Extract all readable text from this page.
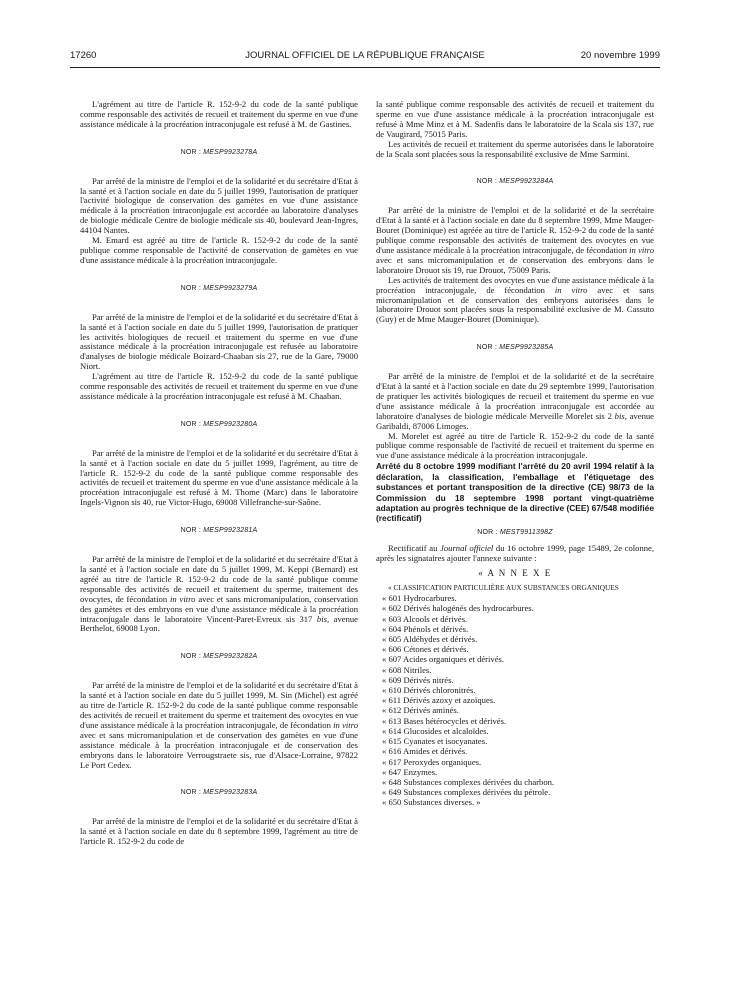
17260	JOURNAL OFFICIEL DE LA RÉPUBLIQUE FRANÇAISE	20 novembre 1999

L'agrément au titre de l'article R. 152-9-2 du code de la santé publique comme responsable des activités de recueil et traitement du sperme en vue d'une assistance médicale à la procréation intraconjugale est refusé à M. de Gastines.

NOR : MESP9923278A

Par arrêté de la ministre de l'emploi et de la solidarité et du secrétaire d'Etat à la santé et à l'action sociale en date du 5 juillet 1999, l'autorisation de pratiquer l'activité biologique de conservation des gamètes en vue d'une assistance médicale à la procréation intraconjugale est accordée au laboratoire d'analyses de biologie médicale Centre de biologie médicale sis 40, boulevard Jean-Ingres, 44104 Nantes.

M. Emard est agréé au titre de l'article R. 152-9-2 du code de la santé publique comme responsable de l'activité de conservation de gamètes en vue d'une assistance médicale à la procréation intraconjugale.

NOR : MESP9923279A

Par arrêté de la ministre de l'emploi et de la solidarité et du secrétaire d'Etat à la santé et à l'action sociale en date du 5 juillet 1999, l'autorisation de pratiquer les activités biologiques de recueil et traitement du sperme en vue d'une assistance médicale à la procréation intraconjugale est refusée au laboratoire d'analyses de biologie médicale Boizard-Chaaban sis 27, rue de la Gare, 79000 Niort.

L'agrément au titre de l'article R. 152-9-2 du code de la santé publique comme responsable des activités de recueil et traitement du sperme en vue d'une assistance médicale à la procréation intraconjugale est refusé à M. Chaaban.

NOR : MESP9923280A

Par arrêté de la ministre de l'emploi et de la solidarité et du secrétaire d'Etat à la santé et à l'action sociale en date du 5 juillet 1999, l'agrément, au titre de l'article R. 152-9-2 du code de la santé publique comme responsable des activités de recueil et traitement du sperme en vue d'une assistance médicale à la procréation intraconjugale est refusé à M. Thome (Marc) dans le laboratoire Ingels-Vignon sis 40, rue Victor-Hugo, 69008 Villefranche-sur-Saône.

NOR : MESP9923281A

Par arrêté de la ministre de l'emploi et de la solidarité et du secrétaire d'Etat à la santé et à l'action sociale en date du 5 juillet 1999, M. Keppi (Bernard) est agréé au titre de l'article R. 152-9-2 du code de la santé publique comme responsable des activités de recueil et traitement du sperme, traitement des ovocytes, de fécondation in vitro avec et sans micromanipulation, conservation des gamètes et des embryons en vue d'une assistance médicale à la procréation intraconjugale dans le laboratoire Vincent-Paret-Evreux sis 317 bis, avenue Berthelot, 69008 Lyon.

NOR : MESP9923282A

Par arrêté de la ministre de l'emploi et de la solidarité et du secrétaire d'Etat à la santé et à l'action sociale en date du 5 juillet 1999, M. Sin (Michel) est agréé au titre de l'article R. 152-9-2 du code de la santé publique comme responsable des activités de recueil et traitement du sperme et traitement des ovocytes en vue d'une assistance médicale à la procréation intraconjugale, de fécondation in vitro avec et sans micromanipulation et de conservation des gamètes en vue d'une assistance médicale à la procréation intraconjugale et de conservation des embryons dans le laboratoire Verrougstraete sis, rue d'Alsace-Lorraine, 97822 Le Port Cedex.

NOR : MESP9923283A

Par arrêté de la ministre de l'emploi et de la solidarité et du secrétaire d'Etat à la santé et à l'action sociale en date du 8 septembre 1999, l'agrément au titre de l'article R. 152-9-2 du code de

la santé publique comme responsable des activités de recueil et traitement du sperme en vue d'une assistance médicale à la procréation intraconjugale est refusé à Mme Minz et à M. Sadenfis dans le laboratoire de la Scala sis 137, rue de Vaugirard, 75015 Paris.

Les activités de recueil et traitement du sperme autorisées dans le laboratoire de la Scala sont placées sous la responsabilité exclusive de Mme Sarmini.

NOR : MESP9923284A

Par arrêté de la ministre de l'emploi et de la solidarité et de la secrétaire d'Etat à la santé et à l'action sociale en date du 8 septembre 1999, Mme Mauger-Bouret (Dominique) est agréée au titre de l'article R. 152-9-2 du code de la santé publique comme responsable des activités de traitement des ovocytes en vue d'une assistance médicale à la procréation intraconjugale, de fécondation in vitro avec et sans micromanipulation et de conservation des embryons dans le laboratoire Drouot sis 19, rue Drouot, 75009 Paris.

Les activités de traitement des ovocytes en vue d'une assistance médicale à la procréation intraconjugale, de fécondation in vitro avec et sans micromanipulation et de conservation des embryons autorisées dans le laboratoire Drouot sont placées sous la responsabilité exclusive de M. Cassuto (Guy) et de Mme Mauger-Bouret (Dominique).

NOR : MESP9923285A

Par arrêté de la ministre de l'emploi et de la solidarité et de la secrétaire d'Etat à la santé et à l'action sociale en date du 29 septembre 1999, l'autorisation de pratiquer les activités biologiques de recueil et traitement du sperme en vue d'une assistance médicale à la procréation intraconjugale est accordée au laboratoire d'analyses de biologie médicale Merveille Morelet sis 2 bis, avenue Garibaldi, 87006 Limoges.

M. Morelet est agréé au titre de l'article R. 152-9-2 du code de la santé publique comme responsable de l'activité de recueil et traitement du sperme en vue d'une assistance médicale à la procréation intraconjugale.

Arrêté du 8 octobre 1999 modifiant l'arrêté du 20 avril 1994 relatif à la déclaration, la classification, l'emballage et l'étiquetage des substances et portant transposition de la directive (CE) 98/73 de la Commission du 18 septembre 1998 portant vingt-quatrième adaptation au progrès technique de la directive (CEE) 67/548 modifiée (rectificatif)

NOR : MEST9911398Z

Rectificatif au Journal officiel du 16 octobre 1999, page 15489, 2e colonne, après les signataires ajouter l'annexe suivante :

« A N N E X E

« CLASSIFICATION PARTICULIÈRE AUX SUBSTANCES ORGANIQUES

« 601 Hydrocarbures.
« 602 Dérivés halogénés des hydrocarbures.
« 603 Alcools et dérivés.
« 604 Phénols et dérivés.
« 605 Aldéhydes et dérivés.
« 606 Cétones et dérivés.
« 607 Acides organiques et dérivés.
« 608 Nitriles.
« 609 Dérivés nitrés.
« 610 Dérivés chloronitrés.
« 611 Dérivés azoxy et azoïques.
« 612 Dérivés aminés.
« 613 Bases hétérocycles et dérivés.
« 614 Glucosides et alcaloïdes.
« 615 Cyanates et isocyanates.
« 616 Amides et dérivés.
« 617 Peroxydes organiques.
« 647 Enzymes.
« 648 Substances complexes dérivées du charbon.
« 649 Substances complexes dérivées du pétrole.
« 650 Substances diverses. »
